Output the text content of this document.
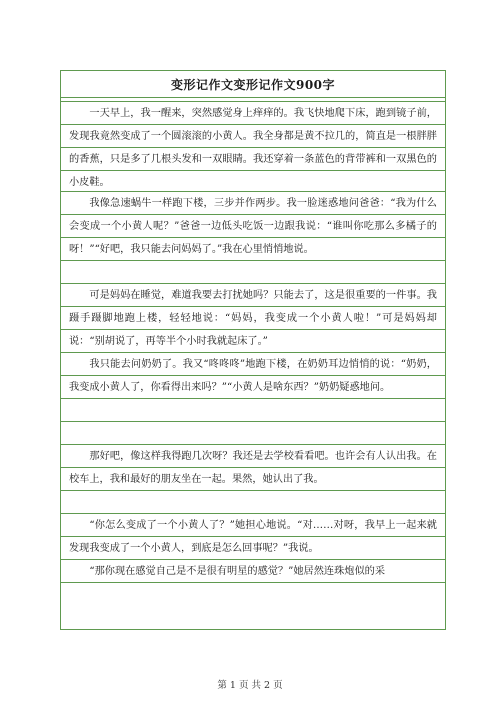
变形记作文变形记作文900字
一天早上，我一醒来，突然感觉身上痒痒的。我飞快地爬下床，跑到镜子前，发现我竟然变成了一个圆滚滚的小黄人。我全身都是黄不拉几的，简直是一根胖胖的香蕉，只是多了几根头发和一双眼睛。我还穿着一条蓝色的背带裤和一双黑色的小皮鞋。
我像急速蜗牛一样跑下楼，三步并作两步。我一脸迷惑地问爸爸：“我为什么会变成一个小黄人呢？”爸爸一边低头吃饭一边跟我说：“谁叫你吃那么多橘子的呀！”“好吧，我只能去问妈妈了。”我在心里悄悄地说。
可是妈妈在睡觉，难道我要去打扰她吗？只能去了，这是很重要的一件事。我蹑手蹑脚地跑上楼，轻轻地说：“妈妈，我变成一个小黄人啦！”可是妈妈却说：“别胡说了，再等半个小时我就起床了。”
我只能去问奶奶了。我又“咚咚咚”地跑下楼，在奶奶耳边悄悄的说：“奶奶，我变成小黄人了，你看得出来吗？”“小黄人是啥东西？”奶奶疑惑地问。
那好吧，像这样我得跑几次呀？我还是去学校看看吧。也许会有人认出我。在校车上，我和最好的朋友坐在一起。果然，她认出了我。
“你怎么变成了一个小黄人了？”她担心地说。“对……对呀，我早上一起来就发现我变成了一个小黄人，到底是怎么回事呢？”我说。
“那你现在感觉自己是不是很有明星的感觉？”她居然连珠炮似的采
第 1 页 共 2 页
